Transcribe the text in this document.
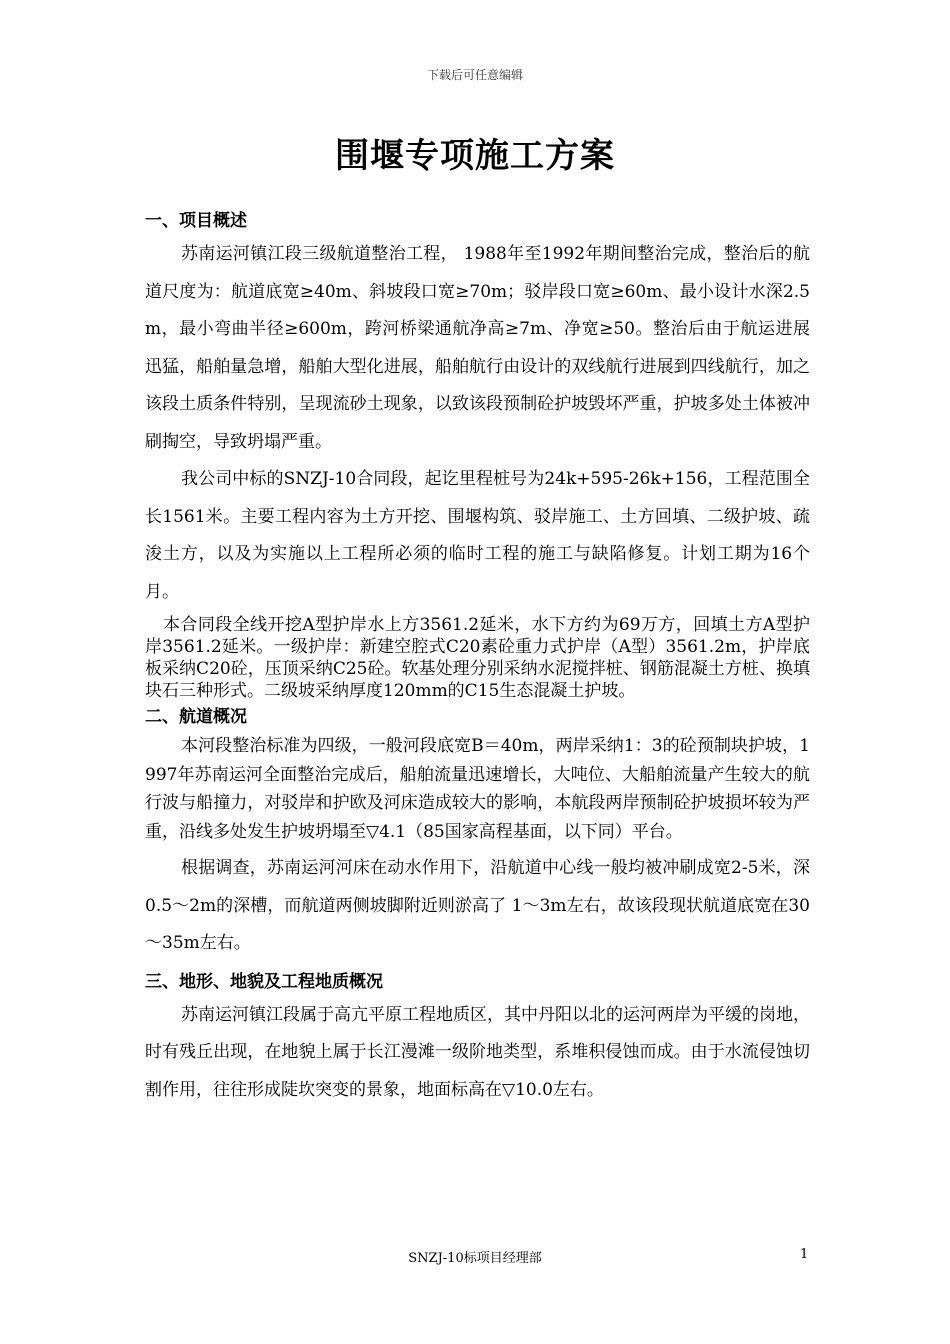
下载后可任意编辑
围堰专项施工方案

一、项目概述

苏南运河镇江段三级航道整治工程， 1988年至1992年期间整治完成，整治后的航道尺度为：航道底宽≥40m、斜坡段口宽≥70m；驳岸段口宽≥60m、最小设计水深2.5m，最小弯曲半径≥600m，跨河桥梁通航净高≥7m、净宽≥50。整治后由于航运进展迅猛，船舶量急增，船舶大型化进展，船舶航行由设计的双线航行进展到四线航行，加之该段土质条件特别，呈现流砂土现象，以致该段预制砼护坡毁坏严重，护坡多处土体被冲刷掏空，导致坍塌严重。

我公司中标的SNZJ-10合同段，起讫里程桩号为24k+595-26k+156，工程范围全长1561米。主要工程内容为土方开挖、围堰构筑、驳岸施工、土方回填、二级护坡、疏浚土方，以及为实施以上工程所必须的临时工程的施工与缺陷修复。计划工期为16个月。

本合同段全线开挖A型护岸水上方3561.2延米，水下方约为69万方，回填土方A型护岸3561.2延米。一级护岸：新建空腔式C20素砼重力式护岸（A型）3561.2m，护岸底板采纳C20砼，压顶采纳C25砼。软基处理分别采纳水泥搅拌桩、钢筋混凝土方桩、换填块石三种形式。二级坡采纳厚度120mm的C15生态混凝土护坡。

二、航道概况

本河段整治标准为四级，一般河段底宽B＝40m，两岸采纳1：3的砼预制块护坡，1997年苏南运河全面整治完成后，船舶流量迅速增长，大吨位、大船舶流量产生较大的航行波与船撞力，对驳岸和护欧及河床造成较大的影响，本航段两岸预制砼护坡损坏较为严重，沿线多处发生护坡坍塌至▽4.1（85国家高程基面，以下同）平台。

根据调查，苏南运河河床在动水作用下，沿航道中心线一般均被冲刷成宽2-5米，深0.5～2m的深槽，而航道两侧坡脚附近则淤高了 1～3m左右，故该段现状航道底宽在30～35m左右。

三、地形、地貌及工程地质概况

苏南运河镇江段属于高亢平原工程地质区，其中丹阳以北的运河两岸为平缓的岗地，时有残丘出现，在地貌上属于长江漫滩一级阶地类型，系堆积侵蚀而成。由于水流侵蚀切割作用，往往形成陡坎突变的景象，地面标高在▽10.0左右。

SNZJ-10标项目经理部	1
